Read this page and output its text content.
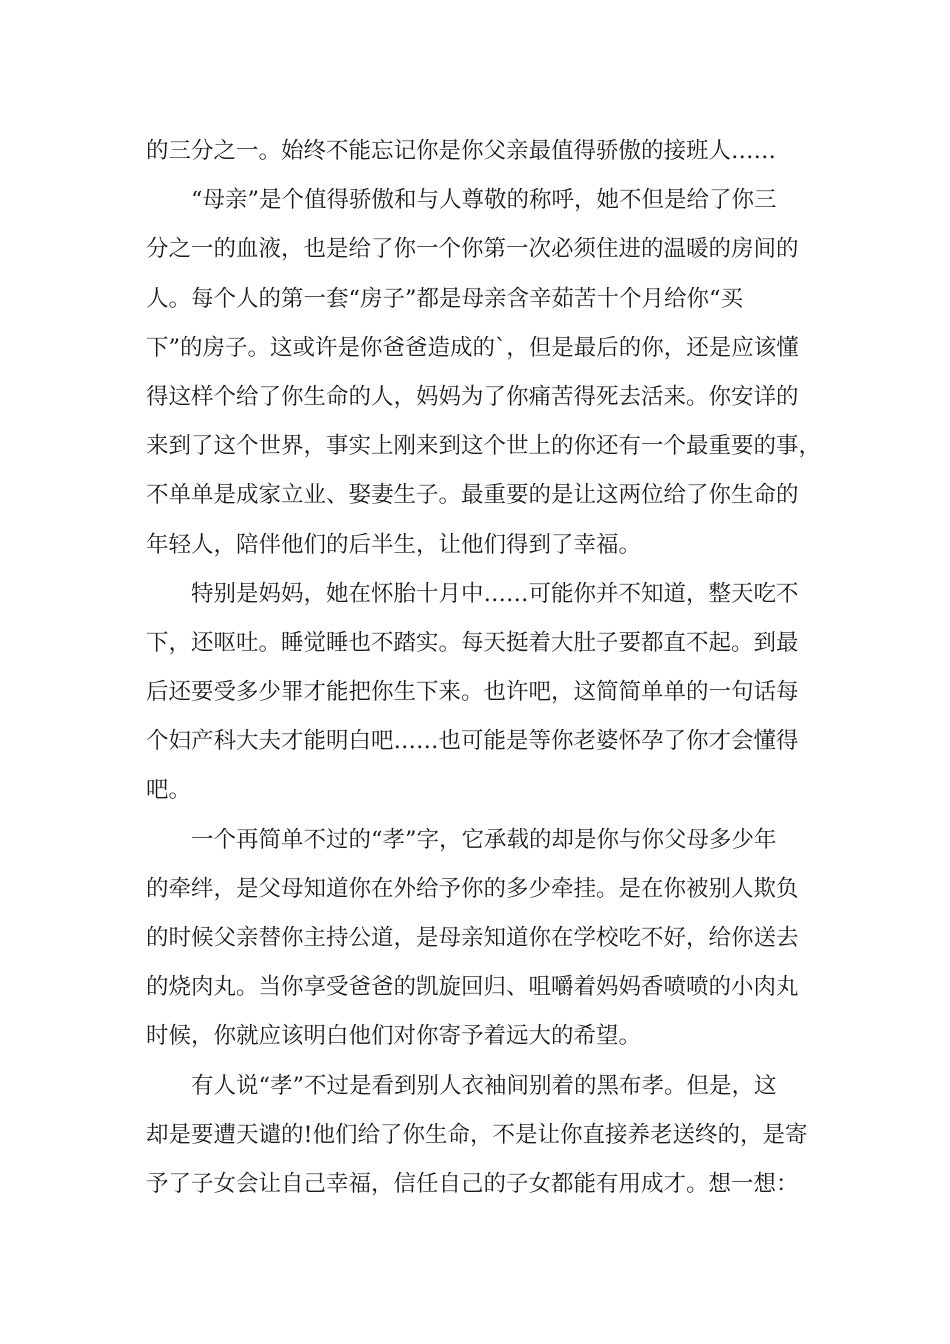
的三分之一。始终不能忘记你是你父亲最值得骄傲的接班人……
“母亲”是个值得骄傲和与人尊敬的称呼，她不但是给了你三
分之一的血液，也是给了你一个你第一次必须住进的温暖的房间的
人。每个人的第一套“房子”都是母亲含辛茹苦十个月给你“买
下”的房子。这或许是你爸爸造成的`，但是最后的你，还是应该懂
得这样个给了你生命的人，妈妈为了你痛苦得死去活来。你安详的
来到了这个世界，事实上刚来到这个世上的你还有一个最重要的事，
不单单是成家立业、娶妻生子。最重要的是让这两位给了你生命的
年轻人，陪伴他们的后半生，让他们得到了幸福。
特别是妈妈，她在怀胎十月中……可能你并不知道，整天吃不
下，还呕吐。睡觉睡也不踏实。每天挺着大肚子要都直不起。到最
后还要受多少罪才能把你生下来。也许吧，这简简单单的一句话每
个妇产科大夫才能明白吧……也可能是等你老婆怀孕了你才会懂得
吧。
一个再简单不过的“孝”字，它承载的却是你与你父母多少年
的牵绊，是父母知道你在外给予你的多少牵挂。是在你被别人欺负
的时候父亲替你主持公道，是母亲知道你在学校吃不好，给你送去
的烧肉丸。当你享受爸爸的凯旋回归、咀嚼着妈妈香喷喷的小肉丸
时候，你就应该明白他们对你寄予着远大的希望。
有人说“孝”不过是看到别人衣袖间别着的黑布孝。但是，这
却是要遭天谴的!他们给了你生命，不是让你直接养老送终的，是寄
予了子女会让自己幸福，信任自己的子女都能有用成才。想一想：
